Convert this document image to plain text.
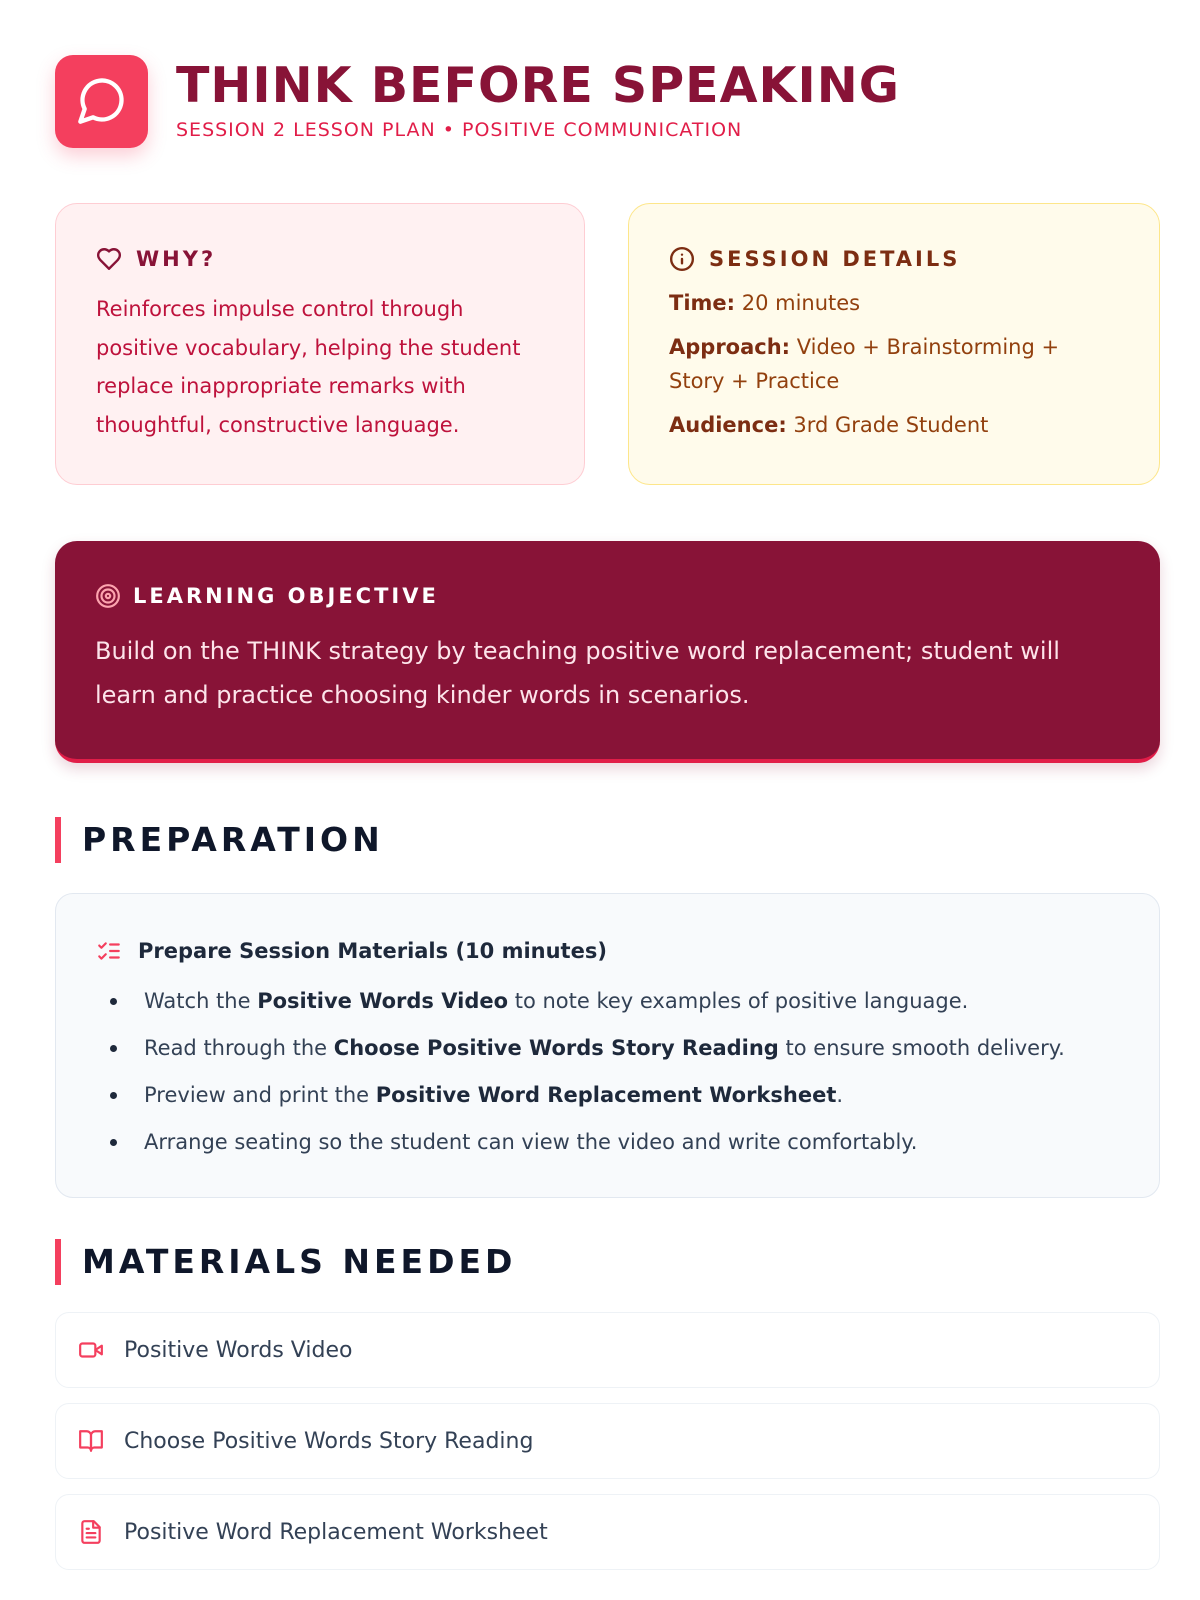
THINK BEFORE SPEAKING
SESSION 2 LESSON PLAN • POSITIVE COMMUNICATION
WHY?
Reinforces impulse control through positive vocabulary, helping the student replace inappropriate remarks with thoughtful, constructive language.
SESSION DETAILS
Time: 20 minutes
Approach: Video + Brainstorming + Story + Practice
Audience: 3rd Grade Student
LEARNING OBJECTIVE
Build on the THINK strategy by teaching positive word replacement; student will learn and practice choosing kinder words in scenarios.
PREPARATION
Prepare Session Materials (10 minutes)
Watch the Positive Words Video to note key examples of positive language.
Read through the Choose Positive Words Story Reading to ensure smooth delivery.
Preview and print the Positive Word Replacement Worksheet.
Arrange seating so the student can view the video and write comfortably.
MATERIALS NEEDED
Positive Words Video
Choose Positive Words Story Reading
Positive Word Replacement Worksheet
